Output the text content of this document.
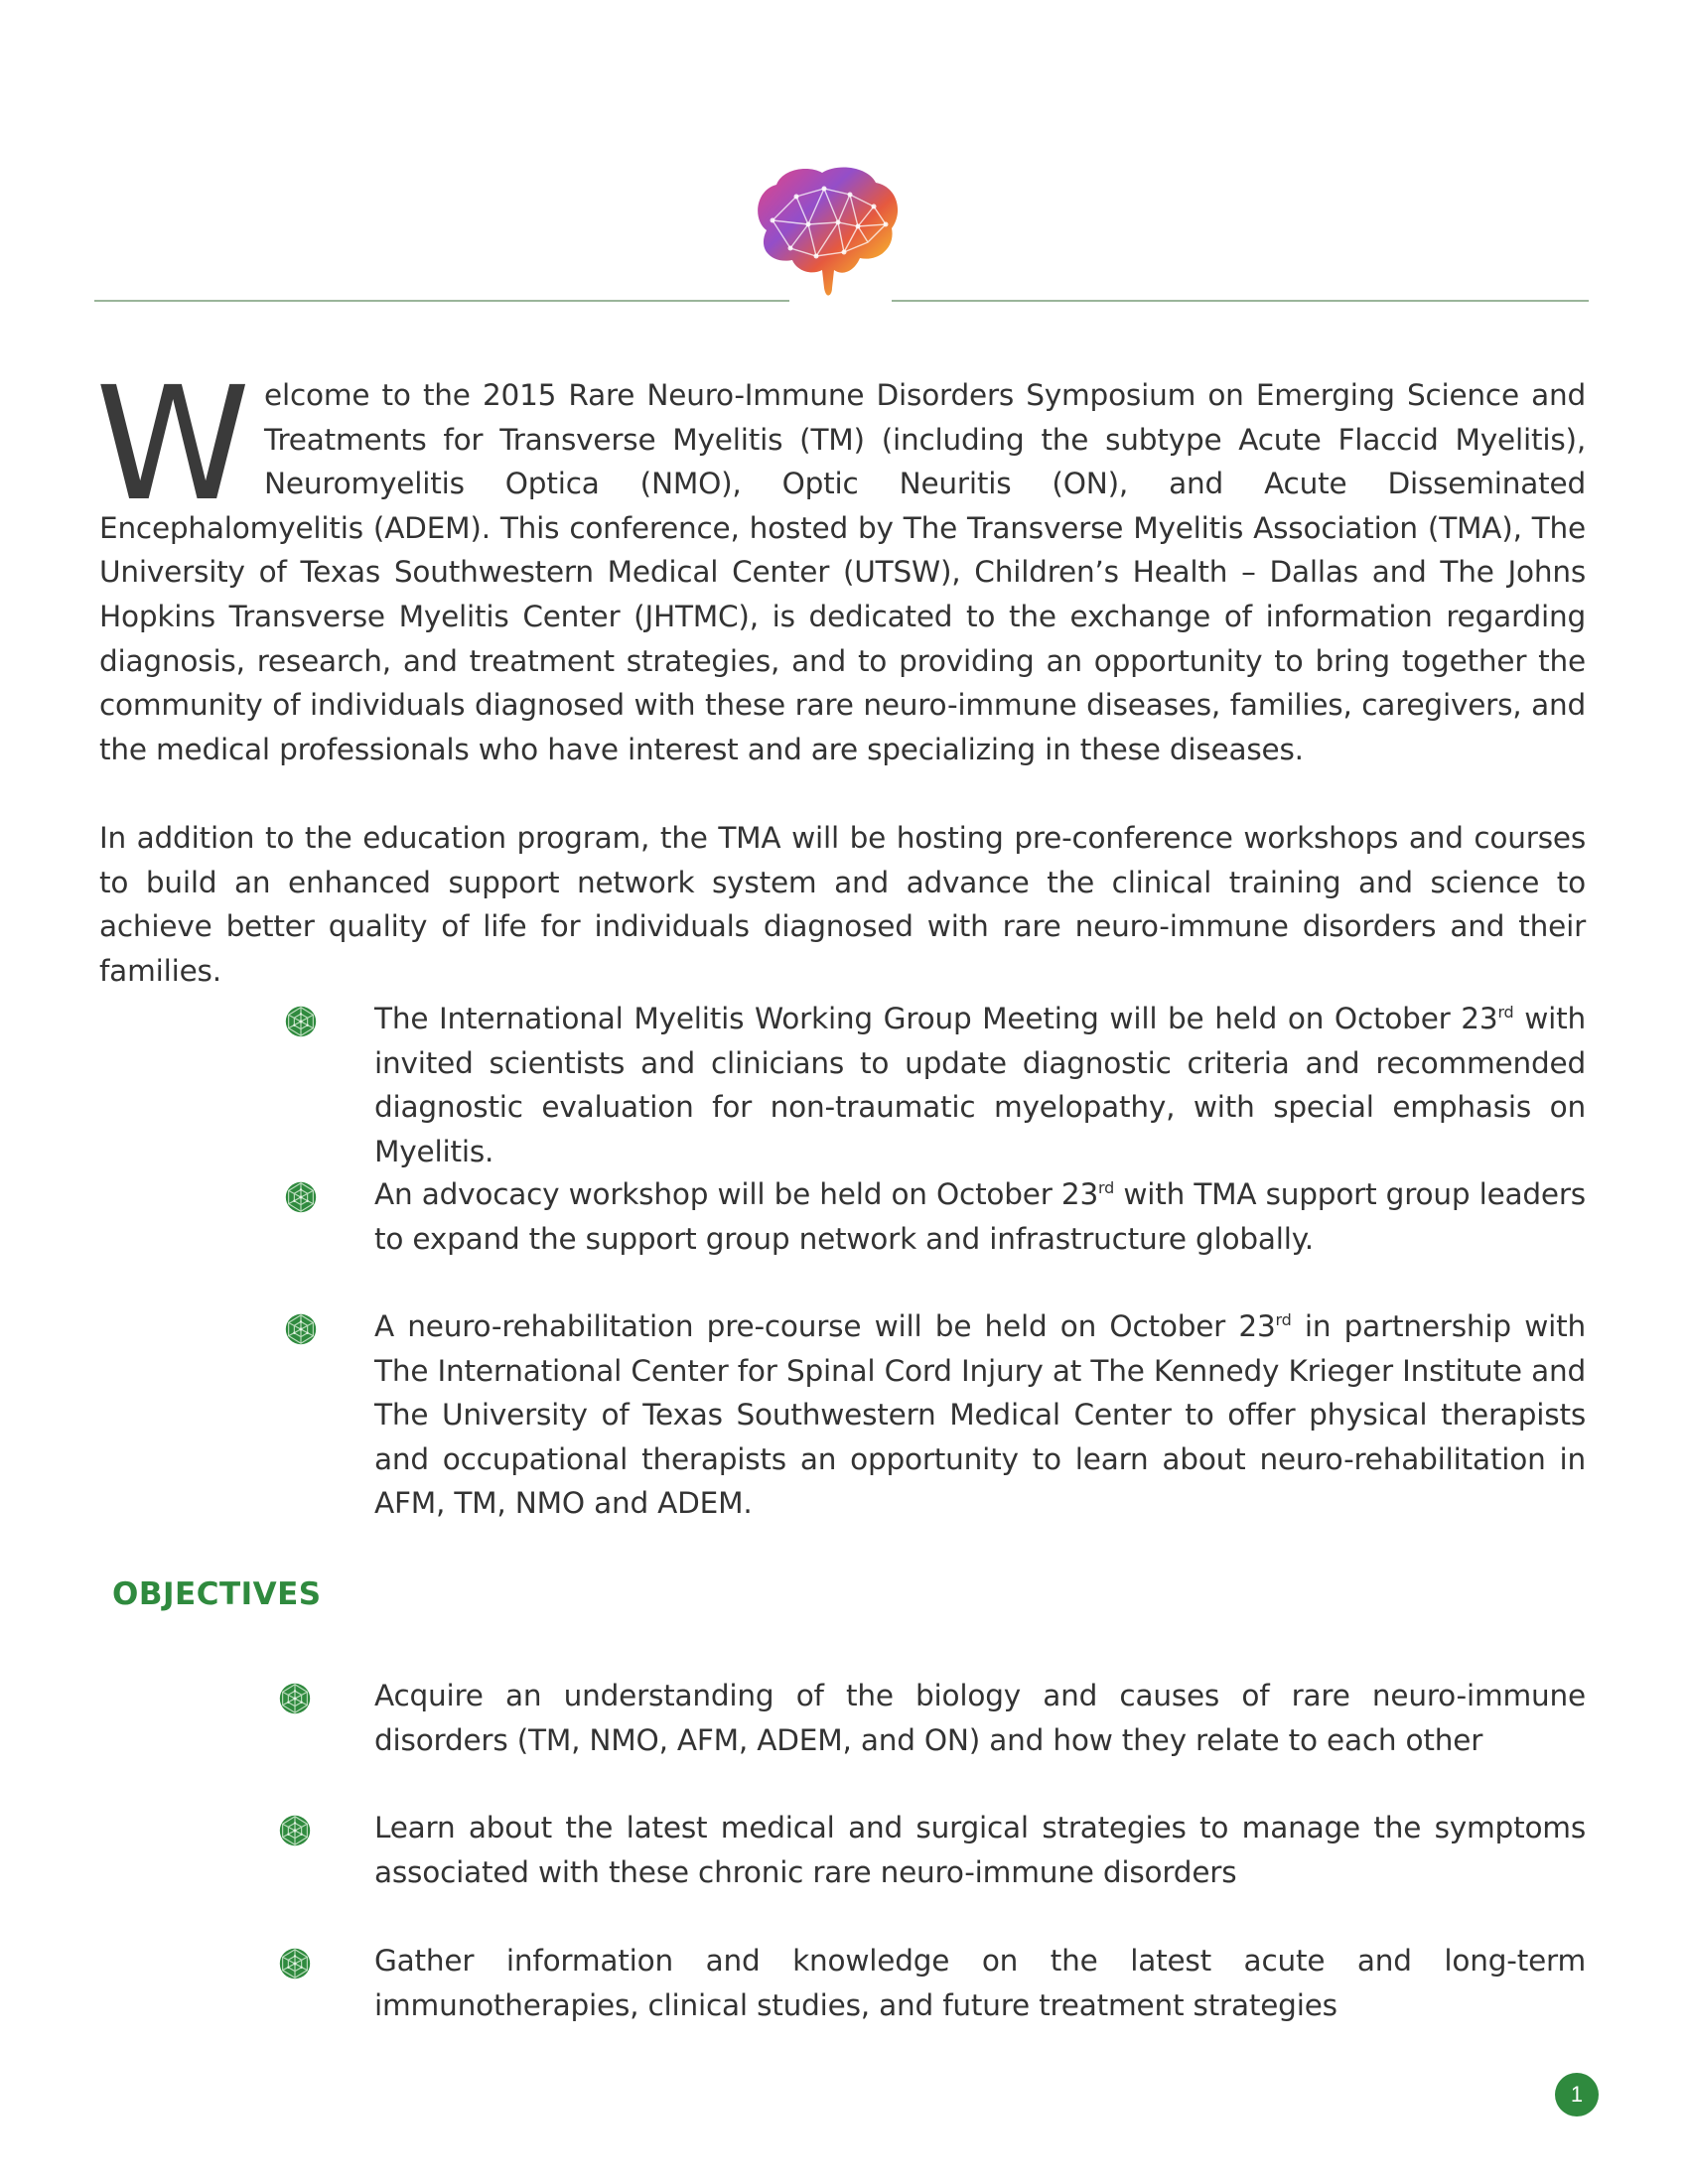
Welcome to the 2015 Rare Neuro-Immune Disorders Symposium on Emerging Science and Treatments for Transverse Myelitis (TM) (including the subtype Acute Flaccid Myelitis), Neuromyelitis Optica (NMO), Optic Neuritis (ON), and Acute Disseminated Encephalomyelitis (ADEM). This conference, hosted by The Transverse Myelitis Association (TMA), The University of Texas Southwestern Medical Center (UTSW), Children’s Health – Dallas and The Johns Hopkins Transverse Myelitis Center (JHTMC), is dedicated to the exchange of information regarding diagnosis, research, and treatment strategies, and to providing an opportunity to bring together the community of individuals diagnosed with these rare neuro-immune diseases, families, caregivers, and the medical professionals who have interest and are specializing in these diseases.

In addition to the education program, the TMA will be hosting pre-conference workshops and courses to build an enhanced support network system and advance the clinical training and science to achieve better quality of life for individuals diagnosed with rare neuro-immune disorders and their families.

The International Myelitis Working Group Meeting will be held on October 23rd with invited scientists and clinicians to update diagnostic criteria and recommended diagnostic evaluation for non-traumatic myelopathy, with special emphasis on Myelitis.

An advocacy workshop will be held on October 23rd with TMA support group leaders to expand the support group network and infrastructure globally.

A neuro-rehabilitation pre-course will be held on October 23rd in partnership with The International Center for Spinal Cord Injury at The Kennedy Krieger Institute and The University of Texas Southwestern Medical Center to offer physical therapists and occupational therapists an opportunity to learn about neuro-rehabilitation in AFM, TM, NMO and ADEM.

OBJECTIVES

Acquire an understanding of the biology and causes of rare neuro-immune disorders (TM, NMO, AFM, ADEM, and ON) and how they relate to each other

Learn about the latest medical and surgical strategies to manage the symptoms associated with these chronic rare neuro-immune disorders

Gather information and knowledge on the latest acute and long-term immunotherapies, clinical studies, and future treatment strategies

1
